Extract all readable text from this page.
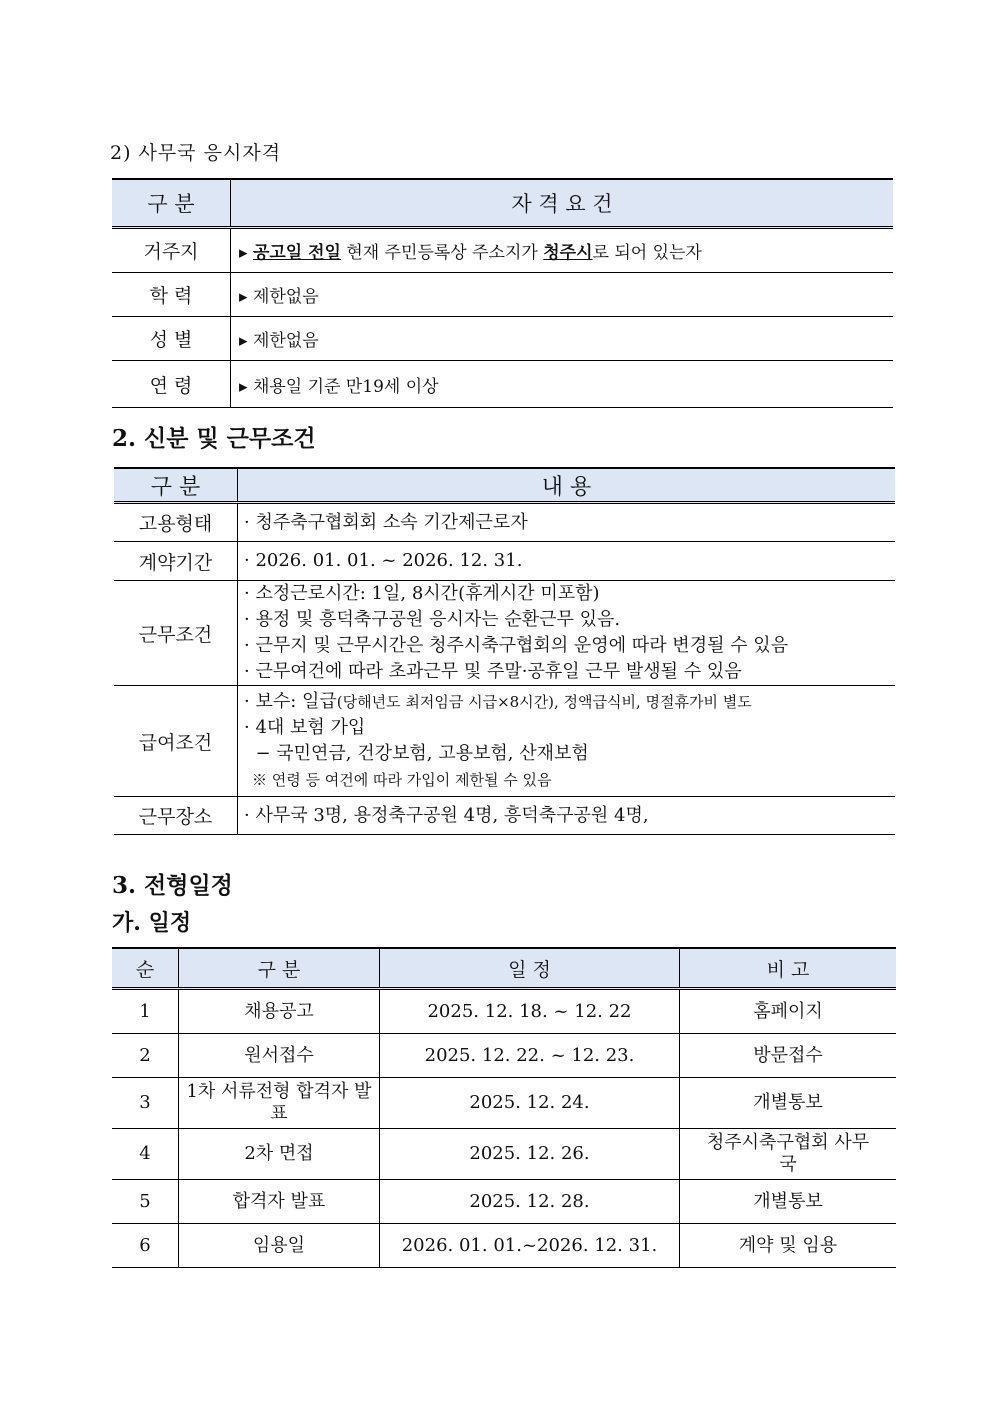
2) 사무국 응시자격
구 분	자 격 요 건
거주지	▸ 공고일 전일 현재 주민등록상 주소지가 청주시로 되어 있는자
학 력	▸ 제한없음
성 별	▸ 제한없음
연 령	▸ 채용일 기준 만19세 이상
2. 신분 및 근무조건
구 분	내 용
고용형태	· 청주축구협회회 소속 기간제근로자

계약기간	· 2026. 01. 01. ~ 2026. 12. 31.

근무조건	· 소정근로시간: 1일, 8시간(휴게시간 미포함)
· 용정 및 흥덕축구공원 응시자는 순환근무 있음.
· 근무지 및 근무시간은 청주시축구협회의 운영에 따라 변경될 수 있음
· 근무여건에 따라 초과근무 및 주말·공휴일 근무 발생될 수 있음

급여조건	· 보수: 일급(당해년도 최저임금 시급×8시간), 정액급식비, 명절휴가비 별도
· 4대 보험 가입
− 국민연금, 건강보험, 고용보험, 산재보험
※ 연령 등 여건에 따라 가입이 제한될 수 있음

근무장소	· 사무국 3명, 용정축구공원 4명, 흥덕축구공원 4명,
3. 전형일정
가. 일정
순	구 분	일 정	비 고
1	채용공고	2025. 12. 18. ~ 12. 22	홈페이지
2	원서접수	2025. 12. 22. ~ 12. 23.	방문접수
3	1차 서류전형 합격자 발표	2025. 12. 24.	개별통보
4	2차 면접	2025. 12. 26.	청주시축구협회 사무국
5	합격자 발표	2025. 12. 28.	개별통보
6	임용일	2026. 01. 01.~2026. 12. 31.	계약 및 임용
